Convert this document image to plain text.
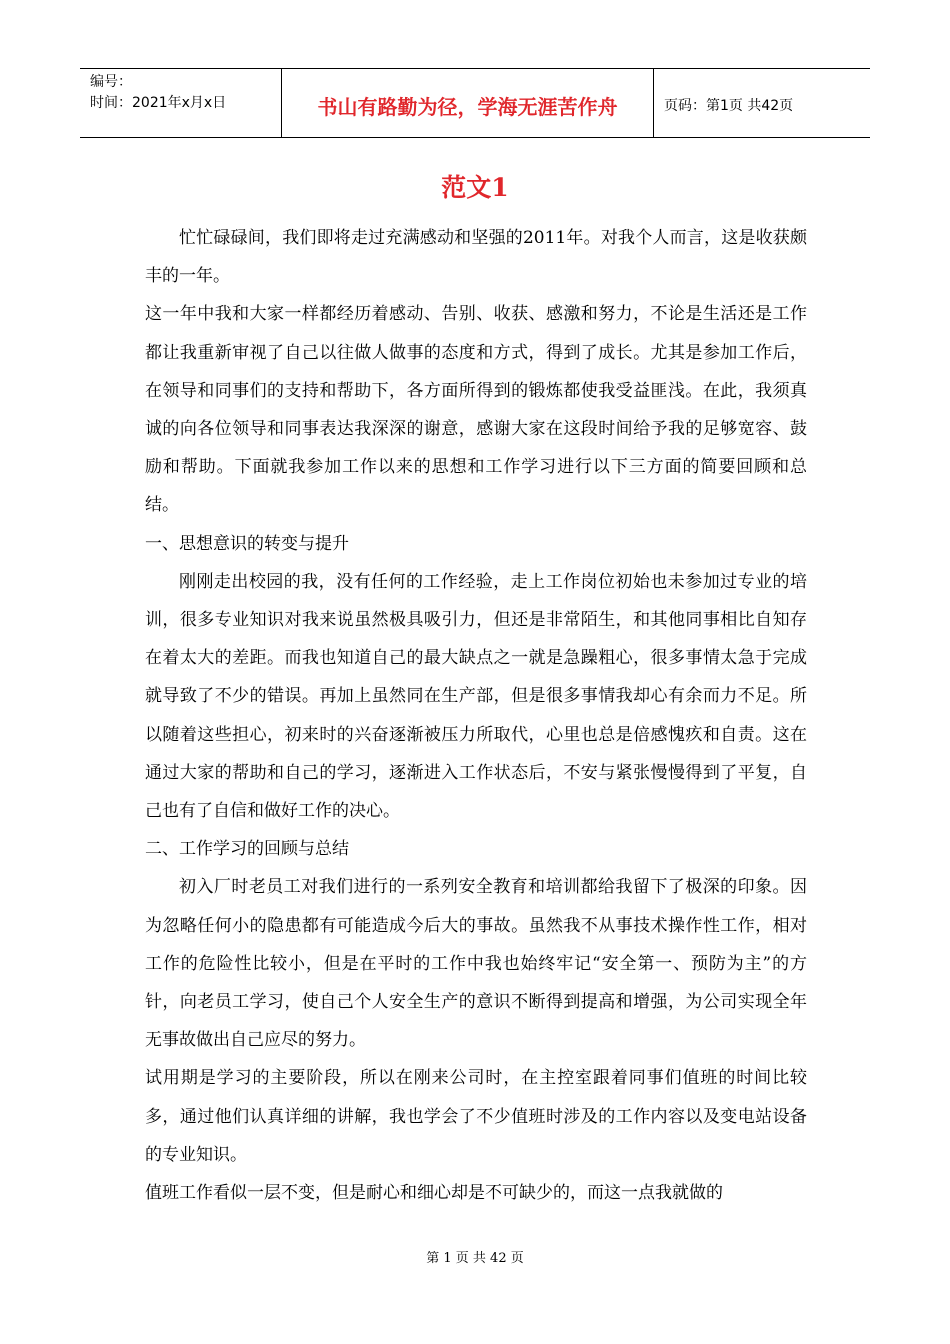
编号：
时间：2021年x月x日	书山有路勤为径，学海无涯苦作舟	页码：第1页 共42页
范文1

忙忙碌碌间，我们即将走过充满感动和坚强的2011年。对我个人而言，这是收获颇丰的一年。

这一年中我和大家一样都经历着感动、告别、收获、感激和努力，不论是生活还是工作都让我重新审视了自己以往做人做事的态度和方式，得到了成长。尤其是参加工作后，在领导和同事们的支持和帮助下，各方面所得到的锻炼都使我受益匪浅。在此，我须真诚的向各位领导和同事表达我深深的谢意，感谢大家在这段时间给予我的足够宽容、鼓励和帮助。下面就我参加工作以来的思想和工作学习进行以下三方面的简要回顾和总结。

一、思想意识的转变与提升

刚刚走出校园的我，没有任何的工作经验，走上工作岗位初始也未参加过专业的培训，很多专业知识对我来说虽然极具吸引力，但还是非常陌生，和其他同事相比自知存在着太大的差距。而我也知道自己的最大缺点之一就是急躁粗心，很多事情太急于完成就导致了不少的错误。再加上虽然同在生产部，但是很多事情我却心有余而力不足。所以随着这些担心，初来时的兴奋逐渐被压力所取代，心里也总是倍感愧疚和自责。这在通过大家的帮助和自己的学习，逐渐进入工作状态后，不安与紧张慢慢得到了平复，自己也有了自信和做好工作的决心。

二、工作学习的回顾与总结

初入厂时老员工对我们进行的一系列安全教育和培训都给我留下了极深的印象。因为忽略任何小的隐患都有可能造成今后大的事故。虽然我不从事技术操作性工作，相对工作的危险性比较小，但是在平时的工作中我也始终牢记“安全第一、预防为主”的方针，向老员工学习，使自己个人安全生产的意识不断得到提高和增强，为公司实现全年无事故做出自己应尽的努力。

试用期是学习的主要阶段，所以在刚来公司时，在主控室跟着同事们值班的时间比较多，通过他们认真详细的讲解，我也学会了不少值班时涉及的工作内容以及变电站设备的专业知识。

值班工作看似一层不变，但是耐心和细心却是不可缺少的，而这一点我就做的

第 1 页 共 42 页
